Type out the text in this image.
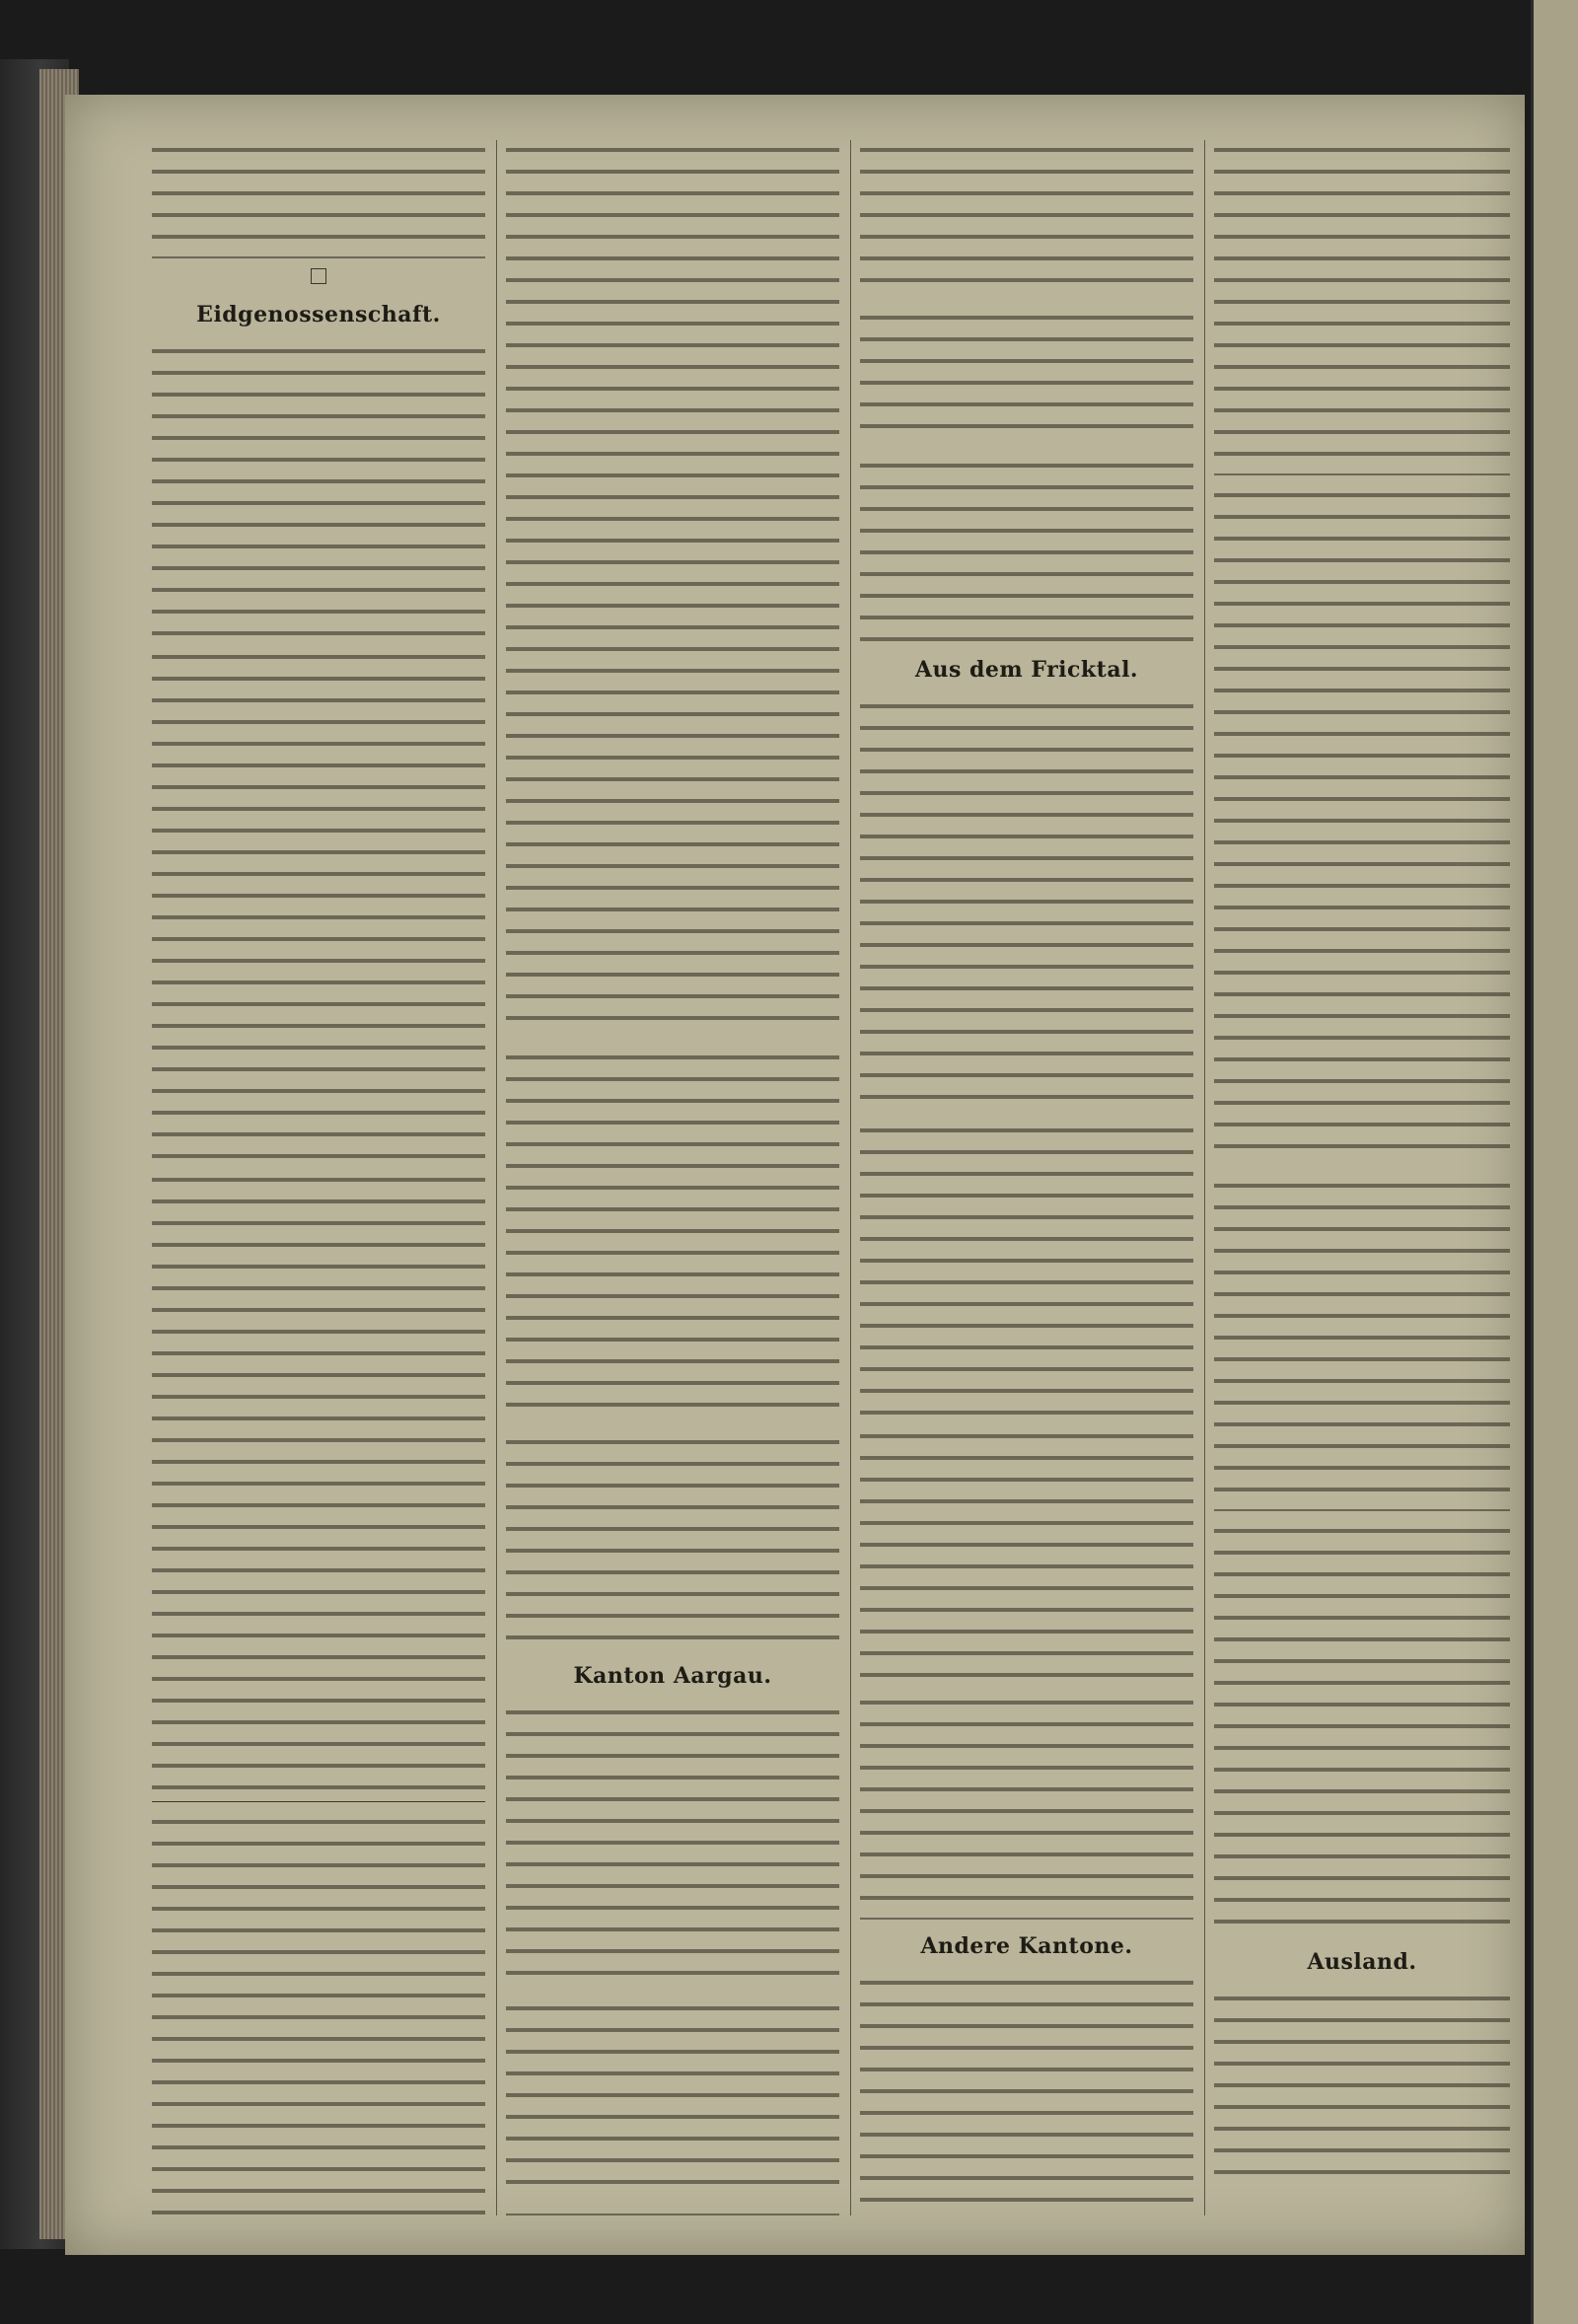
Eidgenossenschaft.
Kanton Aargau.
Aus dem Fricktal.
Andere Kantone.
Ausland.
